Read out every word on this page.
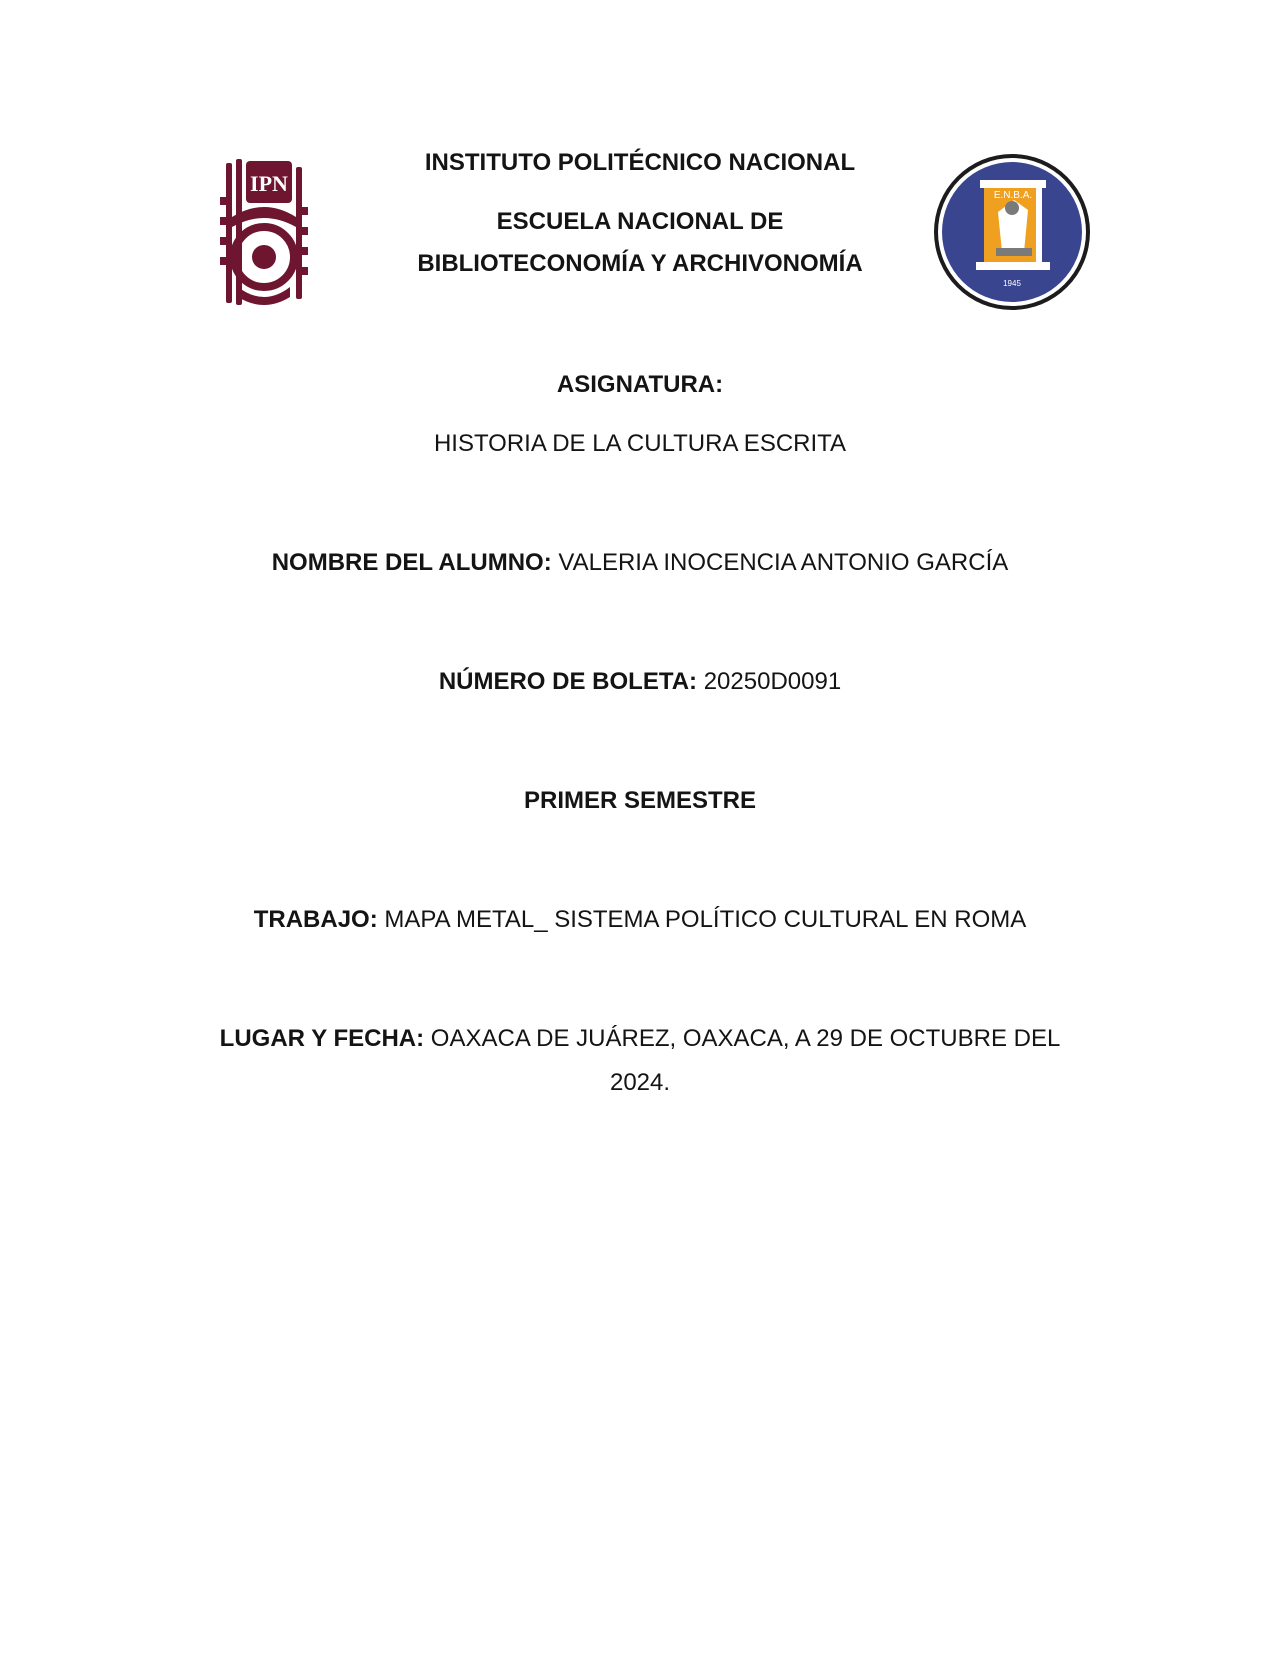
IPN	E.N.B.A.
1945
INSTITUTO POLITÉCNICO NACIONAL
ESCUELA NACIONAL DE
BIBLIOTECONOMÍA Y ARCHIVONOMÍA
ASIGNATURA:
HISTORIA DE LA CULTURA ESCRITA
NOMBRE DEL ALUMNO: VALERIA INOCENCIA ANTONIO GARCÍA
NÚMERO DE BOLETA: 20250D0091
PRIMER SEMESTRE
TRABAJO: MAPA METAL_ SISTEMA POLÍTICO CULTURAL EN ROMA
LUGAR Y FECHA: OAXACA DE JUÁREZ, OAXACA, A 29 DE OCTUBRE DEL 2024.
